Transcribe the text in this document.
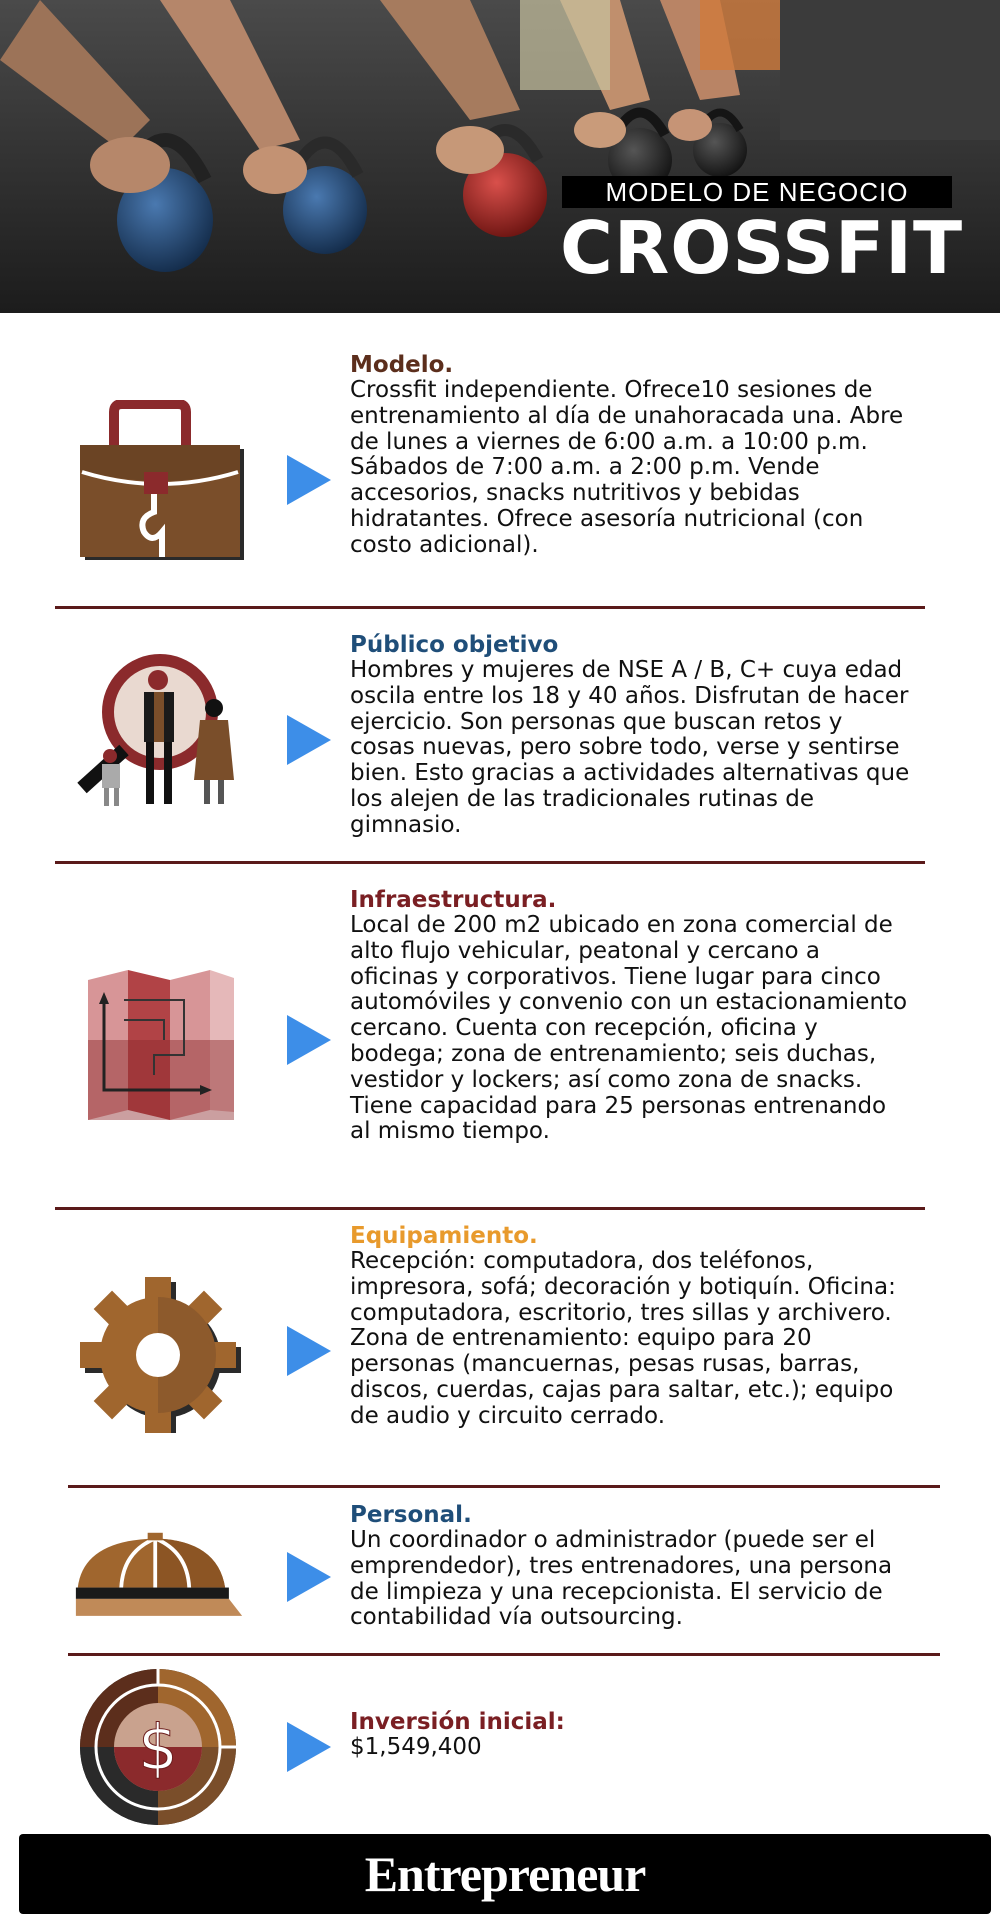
MODELO DE NEGOCIO
CROSSFIT
Modelo.
Crossfit independiente. Ofrece10 sesiones de entrenamiento al día de unahoracada una. Abre de lunes a viernes de 6:00 a.m. a 10:00 p.m. Sábados de 7:00 a.m. a 2:00 p.m. Vende accesorios, snacks nutritivos y bebidas hidratantes. Ofrece asesoría nutricional (con costo adicional).
Público objetivo
Hombres y mujeres de NSE A / B, C+ cuya edad oscila entre los 18 y 40 años. Disfrutan de hacer ejercicio. Son personas que buscan retos y cosas nuevas, pero sobre todo, verse y sentirse bien. Esto gracias a actividades alternativas que los alejen de las tradicionales rutinas de gimnasio.
Infraestructura.
Local de 200 m2 ubicado en zona comercial de alto flujo vehicular, peatonal y cercano a oficinas y corporativos. Tiene lugar para cinco automóviles y convenio con un estacionamiento cercano. Cuenta con recepción, oficina y bodega; zona de entrenamiento; seis duchas, vestidor y lockers; así como zona de snacks. Tiene capacidad para 25 personas entrenando al mismo tiempo.
Equipamiento.
Recepción: computadora, dos teléfonos, impresora, sofá; decoración y botiquín. Oficina: computadora, escritorio, tres sillas y archivero. Zona de entrenamiento: equipo para 20 personas (mancuernas, pesas rusas, barras, discos, cuerdas, cajas para saltar, etc.); equipo de audio y circuito cerrado.
Personal.
Un coordinador o administrador (puede ser el emprendedor), tres entrenadores, una persona de limpieza y una recepcionista. El servicio de contabilidad vía outsourcing.
$	Inversión inicial:
$1,549,400
Entrepreneur
